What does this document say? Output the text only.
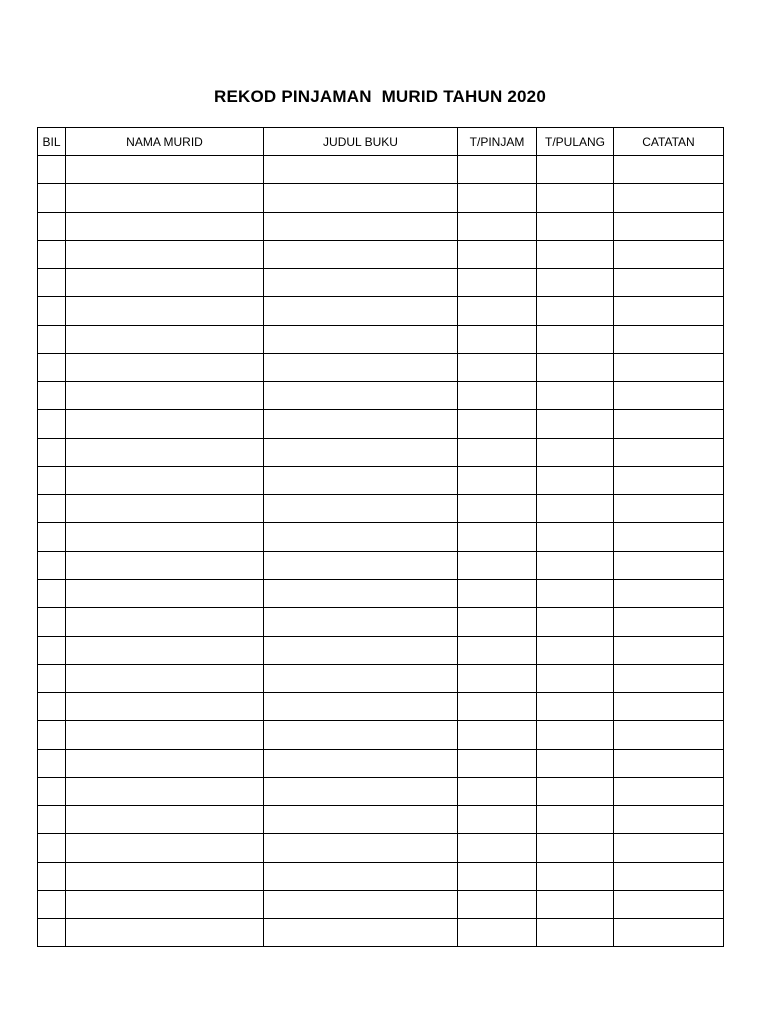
REKOD PINJAMAN  MURID TAHUN 2020
BIL	NAMA MURID	JUDUL BUKU	T/PINJAM	T/PULANG	CATATAN
